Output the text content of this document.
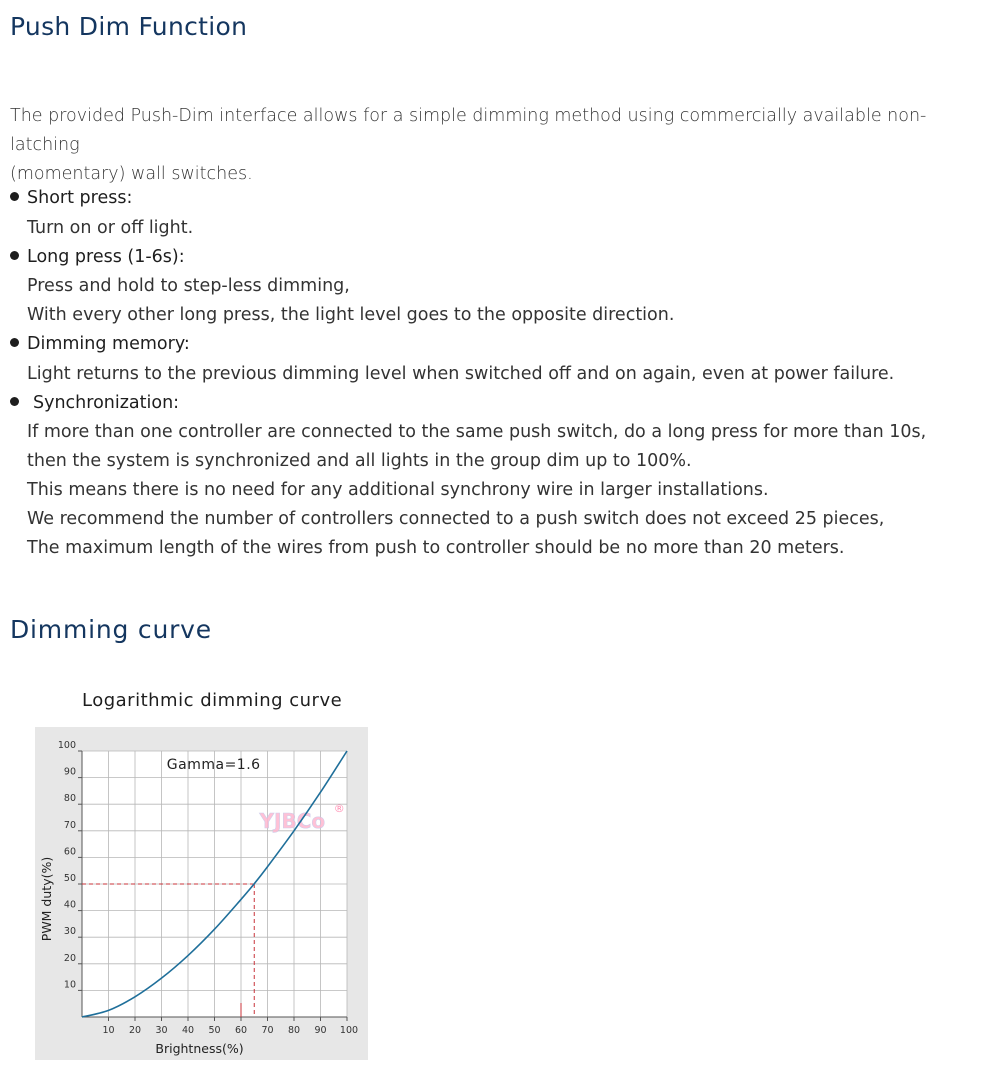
Push Dim Function

The provided Push-Dim interface allows for a simple dimming method using commercially available non-latching
(momentary) wall switches.

Short press:
Turn on or off light.
Long press (1-6s):
Press and hold to step-less dimming,
With every other long press, the light level goes to the opposite direction.
Dimming memory:
Light returns to the previous dimming level when switched off and on again, even at power failure.
Synchronization:
If more than one controller are connected to the same push switch, do a long press for more than 10s,
then the system is synchronized and all lights in the group dim up to 100%.
This means there is no need for any additional synchrony wire in larger installations.
We recommend the number of controllers connected to a push switch does not exceed 25 pieces,
The maximum length of the wires from push to controller should be no more than 20 meters.
Dimming curve
Logarithmic dimming curve
10 20 30 40 50 60 70 80 90 100
10
20
30
40
50
60
70
80
90
100
Brightness(%)
PWM duty(%)
Gamma=1.6
YJBCo
®
